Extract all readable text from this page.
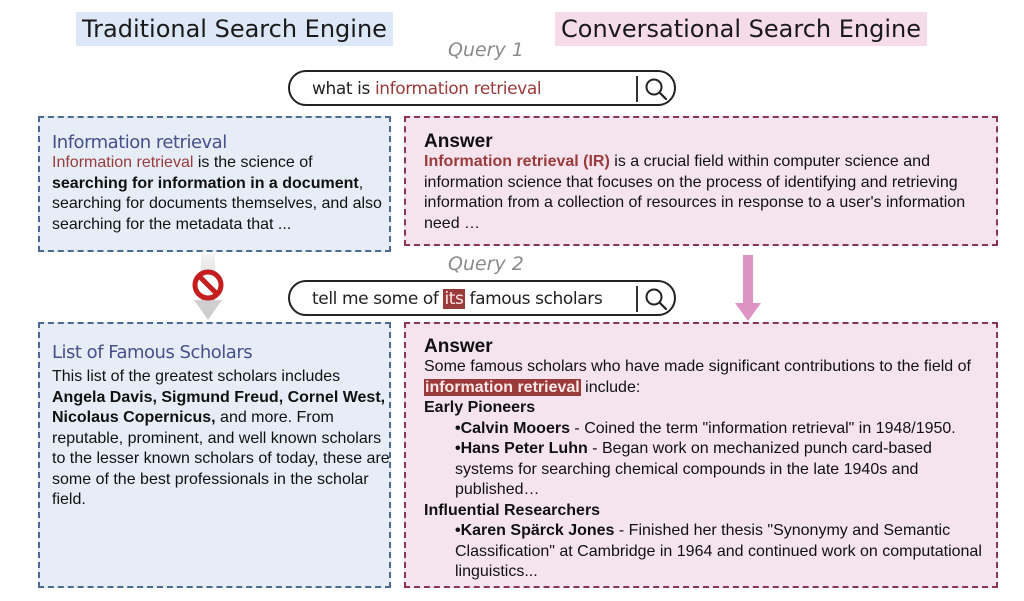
Traditional Search Engine	Conversational Search Engine
Query 1
what is information retrieval
Information retrieval
Information retrieval is the science of searching for information in a document, searching for documents themselves, and also searching for the metadata that ...
Answer
Information retrieval (IR) is a crucial field within computer science and information science that focuses on the process of identifying and retrieving information from a collection of resources in response to a user's information need …
Query 2
tell me some of its famous scholars
List of Famous Scholars
This list of the greatest scholars includes Angela Davis, Sigmund Freud, Cornel West, Nicolaus Copernicus, and more. From reputable, prominent, and well known scholars to the lesser known scholars of today, these are some of the best professionals in the scholar field.
Answer
Some famous scholars who have made significant contributions to the field of information retrieval include:
Early Pioneers
•Calvin Mooers - Coined the term "information retrieval" in 1948/1950.
•Hans Peter Luhn - Began work on mechanized punch card-based systems for searching chemical compounds in the late 1940s and published…
Influential Researchers
•Karen Spärck Jones - Finished her thesis "Synonymy and Semantic Classification" at Cambridge in 1964 and continued work on computational linguistics...
